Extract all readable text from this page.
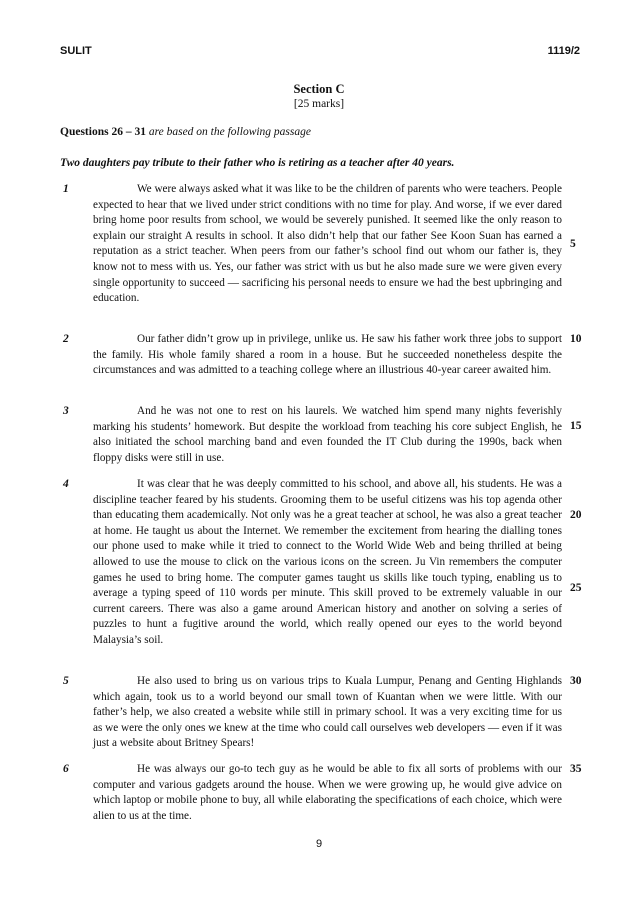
SULIT	1119/2
Section C
[25 marks]
Questions 26 – 31 are based on the following passage
Two daughters pay tribute to their father who is retiring as a teacher after 40 years.
1	We were always asked what it was like to be the children of parents who were teachers. People expected to hear that we lived under strict conditions with no time for play. And worse, if we ever dared bring home poor results from school, we would be severely punished. It seemed like the only reason to explain our straight A results in school. It also didn’t help that our father See Koon Suan has earned a reputation as a strict teacher. When peers from our father’s school find out whom our father is, they know not to mess with us. Yes, our father was strict with us but he also made sure we were given every single opportunity to succeed — sacrificing his personal needs to ensure we had the best upbringing and education.

2	Our father didn’t grow up in privilege, unlike us. He saw his father work three jobs to support the family. His whole family shared a room in a house. But he succeeded nonetheless despite the circumstances and was admitted to a teaching college where an illustrious 40-year career awaited him.

3	And he was not one to rest on his laurels. We watched him spend many nights feverishly marking his students’ homework. But despite the workload from teaching his core subject English, he also initiated the school marching band and even founded the IT Club during the 1990s, back when floppy disks were still in use.

4	It was clear that he was deeply committed to his school, and above all, his students. He was a discipline teacher feared by his students. Grooming them to be useful citizens was his top agenda other than educating them academically. Not only was he a great teacher at school, he was also a great teacher at home. He taught us about the Internet. We remember the excitement from hearing the dialling tones our phone used to make while it tried to connect to the World Wide Web and being thrilled at being allowed to use the mouse to click on the various icons on the screen. Ju Vin remembers the computer games he used to bring home. The computer games taught us skills like touch typing, enabling us to average a typing speed of 110 words per minute. This skill proved to be extremely valuable in our current careers. There was also a game around American history and another on solving a series of puzzles to hunt a fugitive around the world, which really opened our eyes to the world beyond Malaysia’s soil.

5	He also used to bring us on various trips to Kuala Lumpur, Penang and Genting Highlands which again, took us to a world beyond our small town of Kuantan when we were little. With our father’s help, we also created a website while still in primary school. It was a very exciting time for us as we were the only ones we knew at the time who could call ourselves web developers — even if it was just a website about Britney Spears!

6	He was always our go-to tech guy as he would be able to fix all sorts of problems with our computer and various gadgets around the house. When we were growing up, he would give advice on which laptop or mobile phone to buy, all while elaborating the specifications of each choice, which were alien to us at the time.

5
10
15
20
25
30
35
9
